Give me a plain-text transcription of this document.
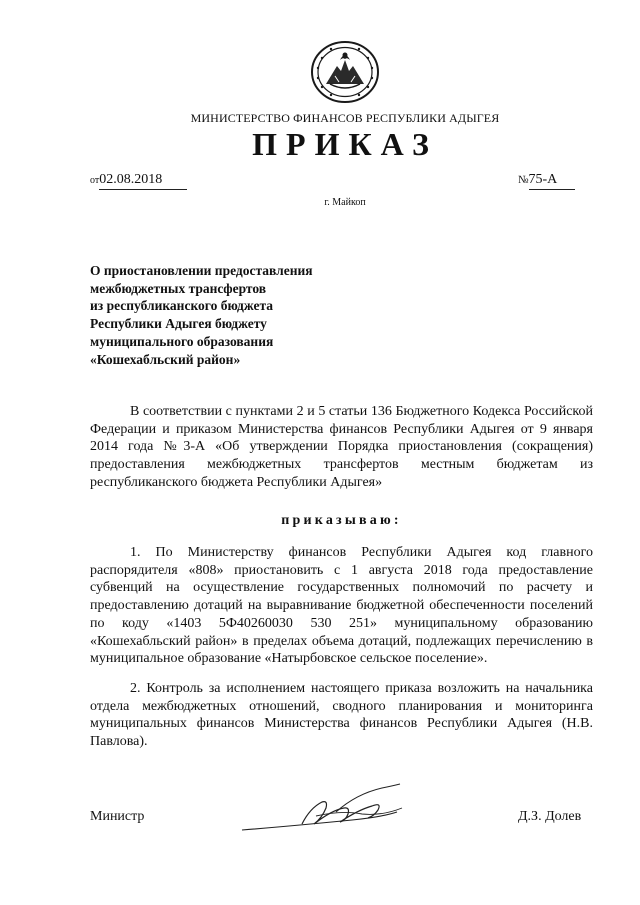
МИНИСТЕРСТВО ФИНАНСОВ РЕСПУБЛИКИ АДЫГЕЯ
ПРИКАЗ
от02.08.2018	№75-А
г. Майкоп
О приостановлении предоставления
межбюджетных трансфертов
из республиканского бюджета
Республики Адыгея бюджету
муниципального образования
«Кошехабльский район»
В соответствии с пунктами 2 и 5 статьи 136 Бюджетного Кодекса Российской Федерации и приказом Министерства финансов Республики Адыгея от 9 января 2014 года №3-А «Об утверждении Порядка приостановления (сокращения) предоставления межбюджетных трансфертов местным бюджетам из республиканского бюджета Республики Адыгея»
приказываю:
1. По Министерству финансов Республики Адыгея код главного распорядителя «808» приостановить с 1 августа 2018 года предоставление субвенций на осуществление государственных полномочий по расчету и предоставлению дотаций на выравнивание бюджетной обеспеченности поселений по коду «1403 5Ф40260030 530 251» муниципальному образованию «Кошехабльский район» в пределах объема дотаций, подлежащих перечислению в муниципальное образование «Натырбовское сельское поселение».
2. Контроль за исполнением настоящего приказа возложить на начальника отдела межбюджетных отношений, сводного планирования и мониторинга муниципальных финансов Министерства финансов Республики Адыгея (Н.В. Павлова).
Министр	Д.З. Долев
